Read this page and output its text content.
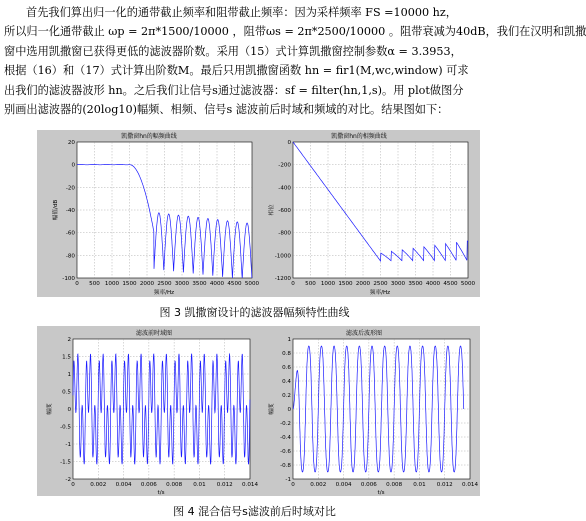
首先我们算出归一化的通带截止频率和阻带截止频率：因为采样频率 FS =10000 hz，
所以归一化通带截止 ωp = 2π*1500/10000 ，阻带ωs = 2π*2500/10000 。阻带衰减为40dB，我们在汉明和凯撒
窗中选用凯撒窗已获得更低的滤波器阶数。采用（15）式计算凯撒窗控制参数α = 3.3953，
根据（16）和（17）式计算出阶数M。最后只用凯撒窗函数 hn = fir1(M,wc,window) 可求
出我们的滤波器波形 hn。之后我们让信号s通过滤波器：sf = filter(hn,1,s)。用 plot做图分
别画出滤波器的(20log10)幅频、相频、信号s 滤波前后时域和频域的对比。结果图如下：
凯撒窗hn的幅频曲线
0 500 1000 1500 2000 2500 3000 3500 4000 4500 5000
20
0
-20
-40
-60
-80
-100
频率/Hz
幅值/dB
凯撒窗hn的相频曲线
0 500 1000 1500 2000 2500 3000 3500 4000 4500 5000
0
-200
-400
-600
-800
-1000
-1200
频率/Hz
相位
图 3 凯撒窗设计的滤波器幅频特性曲线
滤波前时域图
0	0.002 0.004 0.006 0.008 0.01 0.012 0.014
2
1.5
1
0.5
0
-0.5
-1
-1.5
-2
t/s
幅度
滤波后波形图
0	0.002 0.004 0.006 0.008 0.01 0.012 0.014
1
0.8
0.6
0.4
0.2
0
-0.2
-0.4
-0.6
-0.8
-1
t/s
幅度
图 4 混合信号s滤波前后时域对比
